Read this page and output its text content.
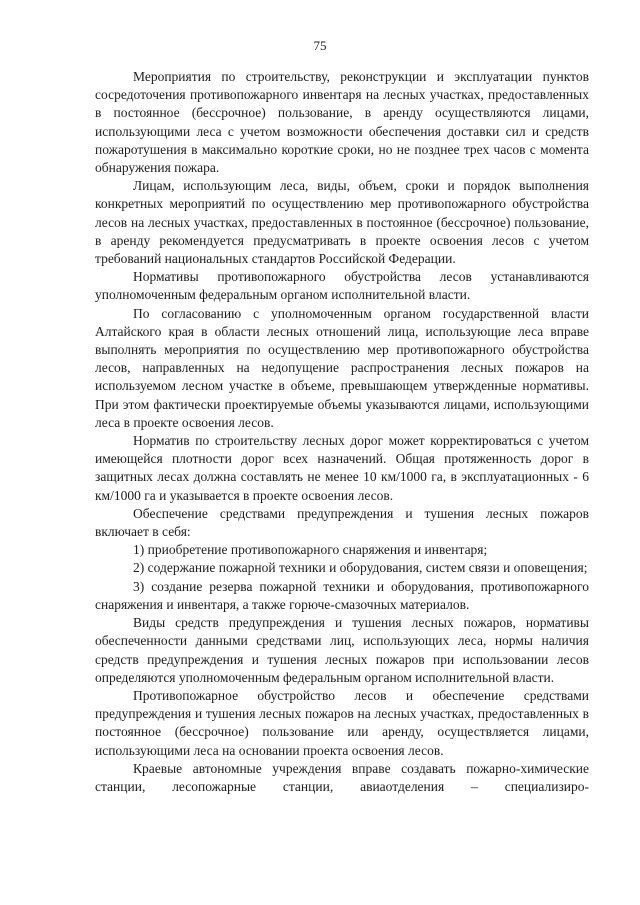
75

Мероприятия по строительству, реконструкции и эксплуатации пунктов сосредоточения противопожарного инвентаря на лесных участках, предоставленных в постоянное (бессрочное) пользование, в аренду осуществляются лицами, использующими леса с учетом возможности обеспечения доставки сил и средств пожаротушения в максимально короткие сроки, но не позднее трех часов с момента обнаружения пожара.

Лицам, использующим леса, виды, объем, сроки и порядок выполнения конкретных мероприятий по осуществлению мер противопожарного обустройства лесов на лесных участках, предоставленных в постоянное (бессрочное) пользование, в аренду рекомендуется предусматривать в проекте освоения лесов с учетом требований национальных стандартов Российской Федерации.

Нормативы противопожарного обустройства лесов устанавливаются уполномоченным федеральным органом исполнительной власти.

По согласованию с уполномоченным органом государственной власти Алтайского края в области лесных отношений лица, использующие леса вправе выполнять мероприятия по осуществлению мер противопожарного обустройства лесов, направленных на недопущение распространения лесных пожаров на используемом лесном участке в объеме, превышающем утвержденные нормативы. При этом фактически проектируемые объемы указываются лицами, использующими леса в проекте освоения лесов.

Норматив по строительству лесных дорог может корректироваться с учетом имеющейся плотности дорог всех назначений. Общая протяженность дорог в защитных лесах должна составлять не менее 10 км/1000 га, в эксплуатационных - 6 км/1000 га и указывается в проекте освоения лесов.

Обеспечение средствами предупреждения и тушения лесных пожаров включает в себя:

1) приобретение противопожарного снаряжения и инвентаря;

2) содержание пожарной техники и оборудования, систем связи и оповещения;

3) создание резерва пожарной техники и оборудования, противопожарного снаряжения и инвентаря, а также горюче-смазочных материалов.

Виды средств предупреждения и тушения лесных пожаров, нормативы обеспеченности данными средствами лиц, использующих леса, нормы наличия средств предупреждения и тушения лесных пожаров при использовании лесов определяются уполномоченным федеральным органом исполнительной власти.

Противопожарное обустройство лесов и обеспечение средствами предупреждения и тушения лесных пожаров на лесных участках, предоставленных в постоянное (бессрочное) пользование или аренду, осуществляется лицами, использующими леса на основании проекта освоения лесов.

Краевые автономные учреждения вправе создавать пожарно-химические станции, лесопожарные станции, авиаотделения – специализиро-
